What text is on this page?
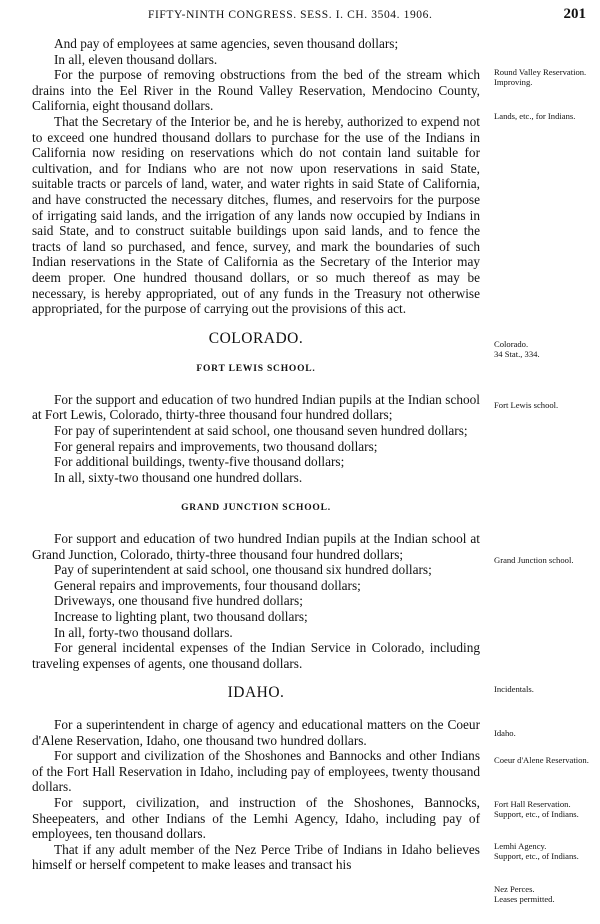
FIFTY-NINTH CONGRESS. SESS. I. CH. 3504. 1906.	201

And pay of employees at same agencies, seven thousand dollars;

In all, eleven thousand dollars.

For the purpose of removing obstructions from the bed of the stream which drains into the Eel River in the Round Valley Reservation, Mendocino County, California, eight thousand dollars.

That the Secretary of the Interior be, and he is hereby, authorized to expend not to exceed one hundred thousand dollars to purchase for the use of the Indians in California now residing on reservations which do not contain land suitable for cultivation, and for Indians who are not now upon reservations in said State, suitable tracts or parcels of land, water, and water rights in said State of California, and have constructed the necessary ditches, flumes, and reservoirs for the purpose of irrigating said lands, and the irrigation of any lands now occupied by Indians in said State, and to construct suitable buildings upon said lands, and to fence the tracts of land so purchased, and fence, survey, and mark the boundaries of such Indian reservations in the State of California as the Secretary of the Interior may deem proper. One hundred thousand dollars, or so much thereof as may be necessary, is hereby appropriated, out of any funds in the Treasury not otherwise appropriated, for the purpose of carrying out the provisions of this act.

COLORADO.
FORT LEWIS SCHOOL.

For the support and education of two hundred Indian pupils at the Indian school at Fort Lewis, Colorado, thirty-three thousand four hundred dollars;

For pay of superintendent at said school, one thousand seven hundred dollars;

For general repairs and improvements, two thousand dollars;

For additional buildings, twenty-five thousand dollars;

In all, sixty-two thousand one hundred dollars.

GRAND JUNCTION SCHOOL.

For support and education of two hundred Indian pupils at the Indian school at Grand Junction, Colorado, thirty-three thousand four hundred dollars;

Pay of superintendent at said school, one thousand six hundred dollars;

General repairs and improvements, four thousand dollars;

Driveways, one thousand five hundred dollars;

Increase to lighting plant, two thousand dollars;

In all, forty-two thousand dollars.

For general incidental expenses of the Indian Service in Colorado, including traveling expenses of agents, one thousand dollars.

IDAHO.

For a superintendent in charge of agency and educational matters on the Coeur d'Alene Reservation, Idaho, one thousand two hundred dollars.

For support and civilization of the Shoshones and Bannocks and other Indians of the Fort Hall Reservation in Idaho, including pay of employees, twenty thousand dollars.

For support, civilization, and instruction of the Shoshones, Bannocks, Sheepeaters, and other Indians of the Lemhi Agency, Idaho, including pay of employees, ten thousand dollars.

That if any adult member of the Nez Perce Tribe of Indians in Idaho believes himself or herself competent to make leases and transact his

Round Valley Reservation.
Improving.
Lands, etc., for Indians.
Colorado.
34 Stat., 334.
Fort Lewis school.
Grand Junction school.
Incidentals.
Idaho.
Coeur d'Alene Reservation.
Fort Hall Reservation.
Support, etc., of Indians.
Lemhi Agency.
Support, etc., of Indians.
Nez Perces.
Leases permitted.
